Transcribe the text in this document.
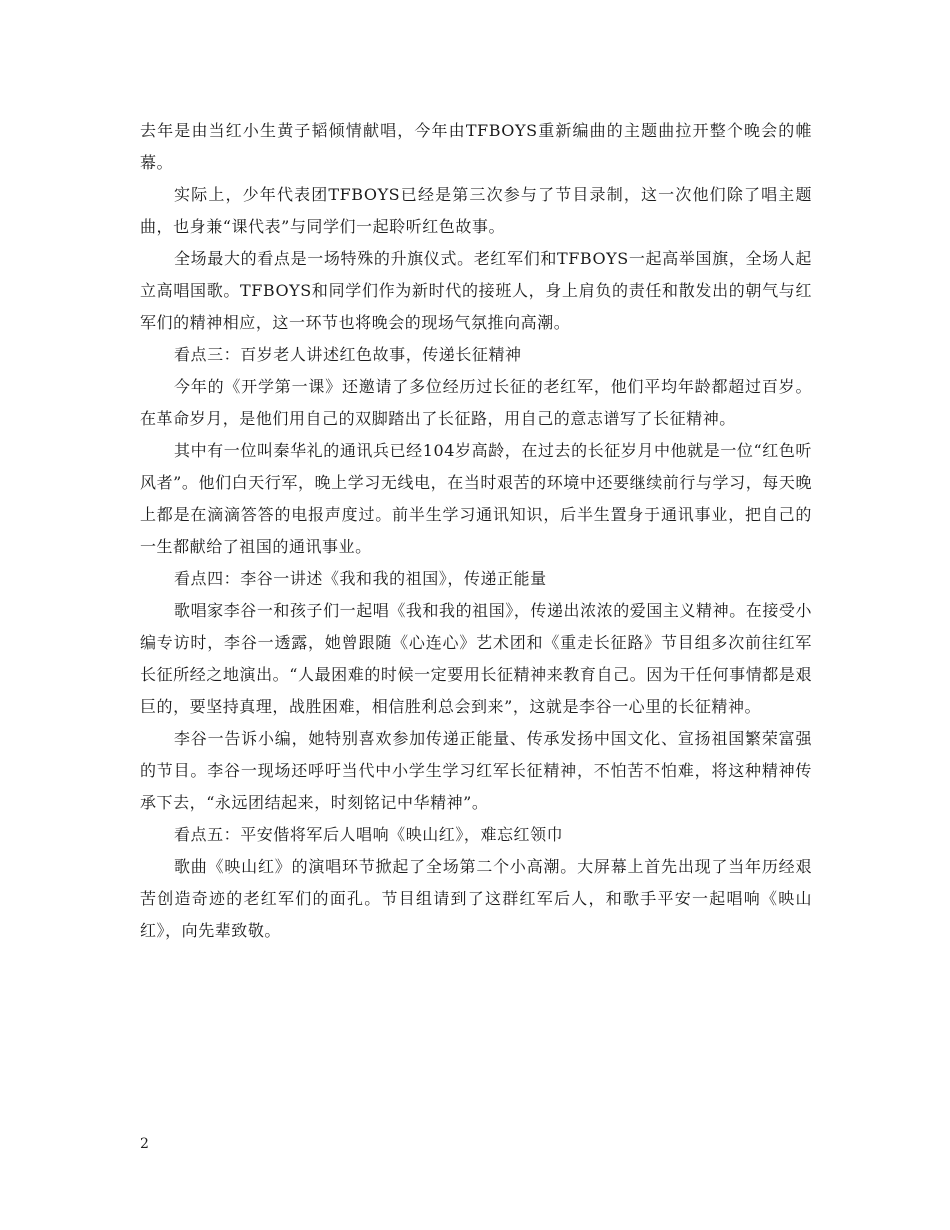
去年是由当红小生黄子韬倾情献唱，今年由TFBOYS重新编曲的主题曲拉开整个晚会的帷幕。

实际上，少年代表团TFBOYS已经是第三次参与了节目录制，这一次他们除了唱主题曲，也身兼“课代表”与同学们一起聆听红色故事。

全场最大的看点是一场特殊的升旗仪式。老红军们和TFBOYS一起高举国旗，全场人起立高唱国歌。TFBOYS和同学们作为新时代的接班人，身上肩负的责任和散发出的朝气与红军们的精神相应，这一环节也将晚会的现场气氛推向高潮。

看点三：百岁老人讲述红色故事，传递长征精神

今年的《开学第一课》还邀请了多位经历过长征的老红军，他们平均年龄都超过百岁。在革命岁月，是他们用自己的双脚踏出了长征路，用自己的意志谱写了长征精神。

其中有一位叫秦华礼的通讯兵已经104岁高龄，在过去的长征岁月中他就是一位“红色听风者”。他们白天行军，晚上学习无线电，在当时艰苦的环境中还要继续前行与学习，每天晚上都是在滴滴答答的电报声度过。前半生学习通讯知识，后半生置身于通讯事业，把自己的一生都献给了祖国的通讯事业。

看点四：李谷一讲述《我和我的祖国》，传递正能量

歌唱家李谷一和孩子们一起唱《我和我的祖国》，传递出浓浓的爱国主义精神。在接受小编专访时，李谷一透露，她曾跟随《心连心》艺术团和《重走长征路》节目组多次前往红军长征所经之地演出。“人最困难的时候一定要用长征精神来教育自己。因为干任何事情都是艰巨的，要坚持真理，战胜困难，相信胜利总会到来”，这就是李谷一心里的长征精神。

李谷一告诉小编，她特别喜欢参加传递正能量、传承发扬中国文化、宣扬祖国繁荣富强的节目。李谷一现场还呼吁当代中小学生学习红军长征精神，不怕苦不怕难，将这种精神传承下去，“永远团结起来，时刻铭记中华精神”。

看点五：平安偕将军后人唱响《映山红》，难忘红领巾

歌曲《映山红》的演唱环节掀起了全场第二个小高潮。大屏幕上首先出现了当年历经艰苦创造奇迹的老红军们的面孔。节目组请到了这群红军后人，和歌手平安一起唱响《映山红》，向先辈致敬。

2
